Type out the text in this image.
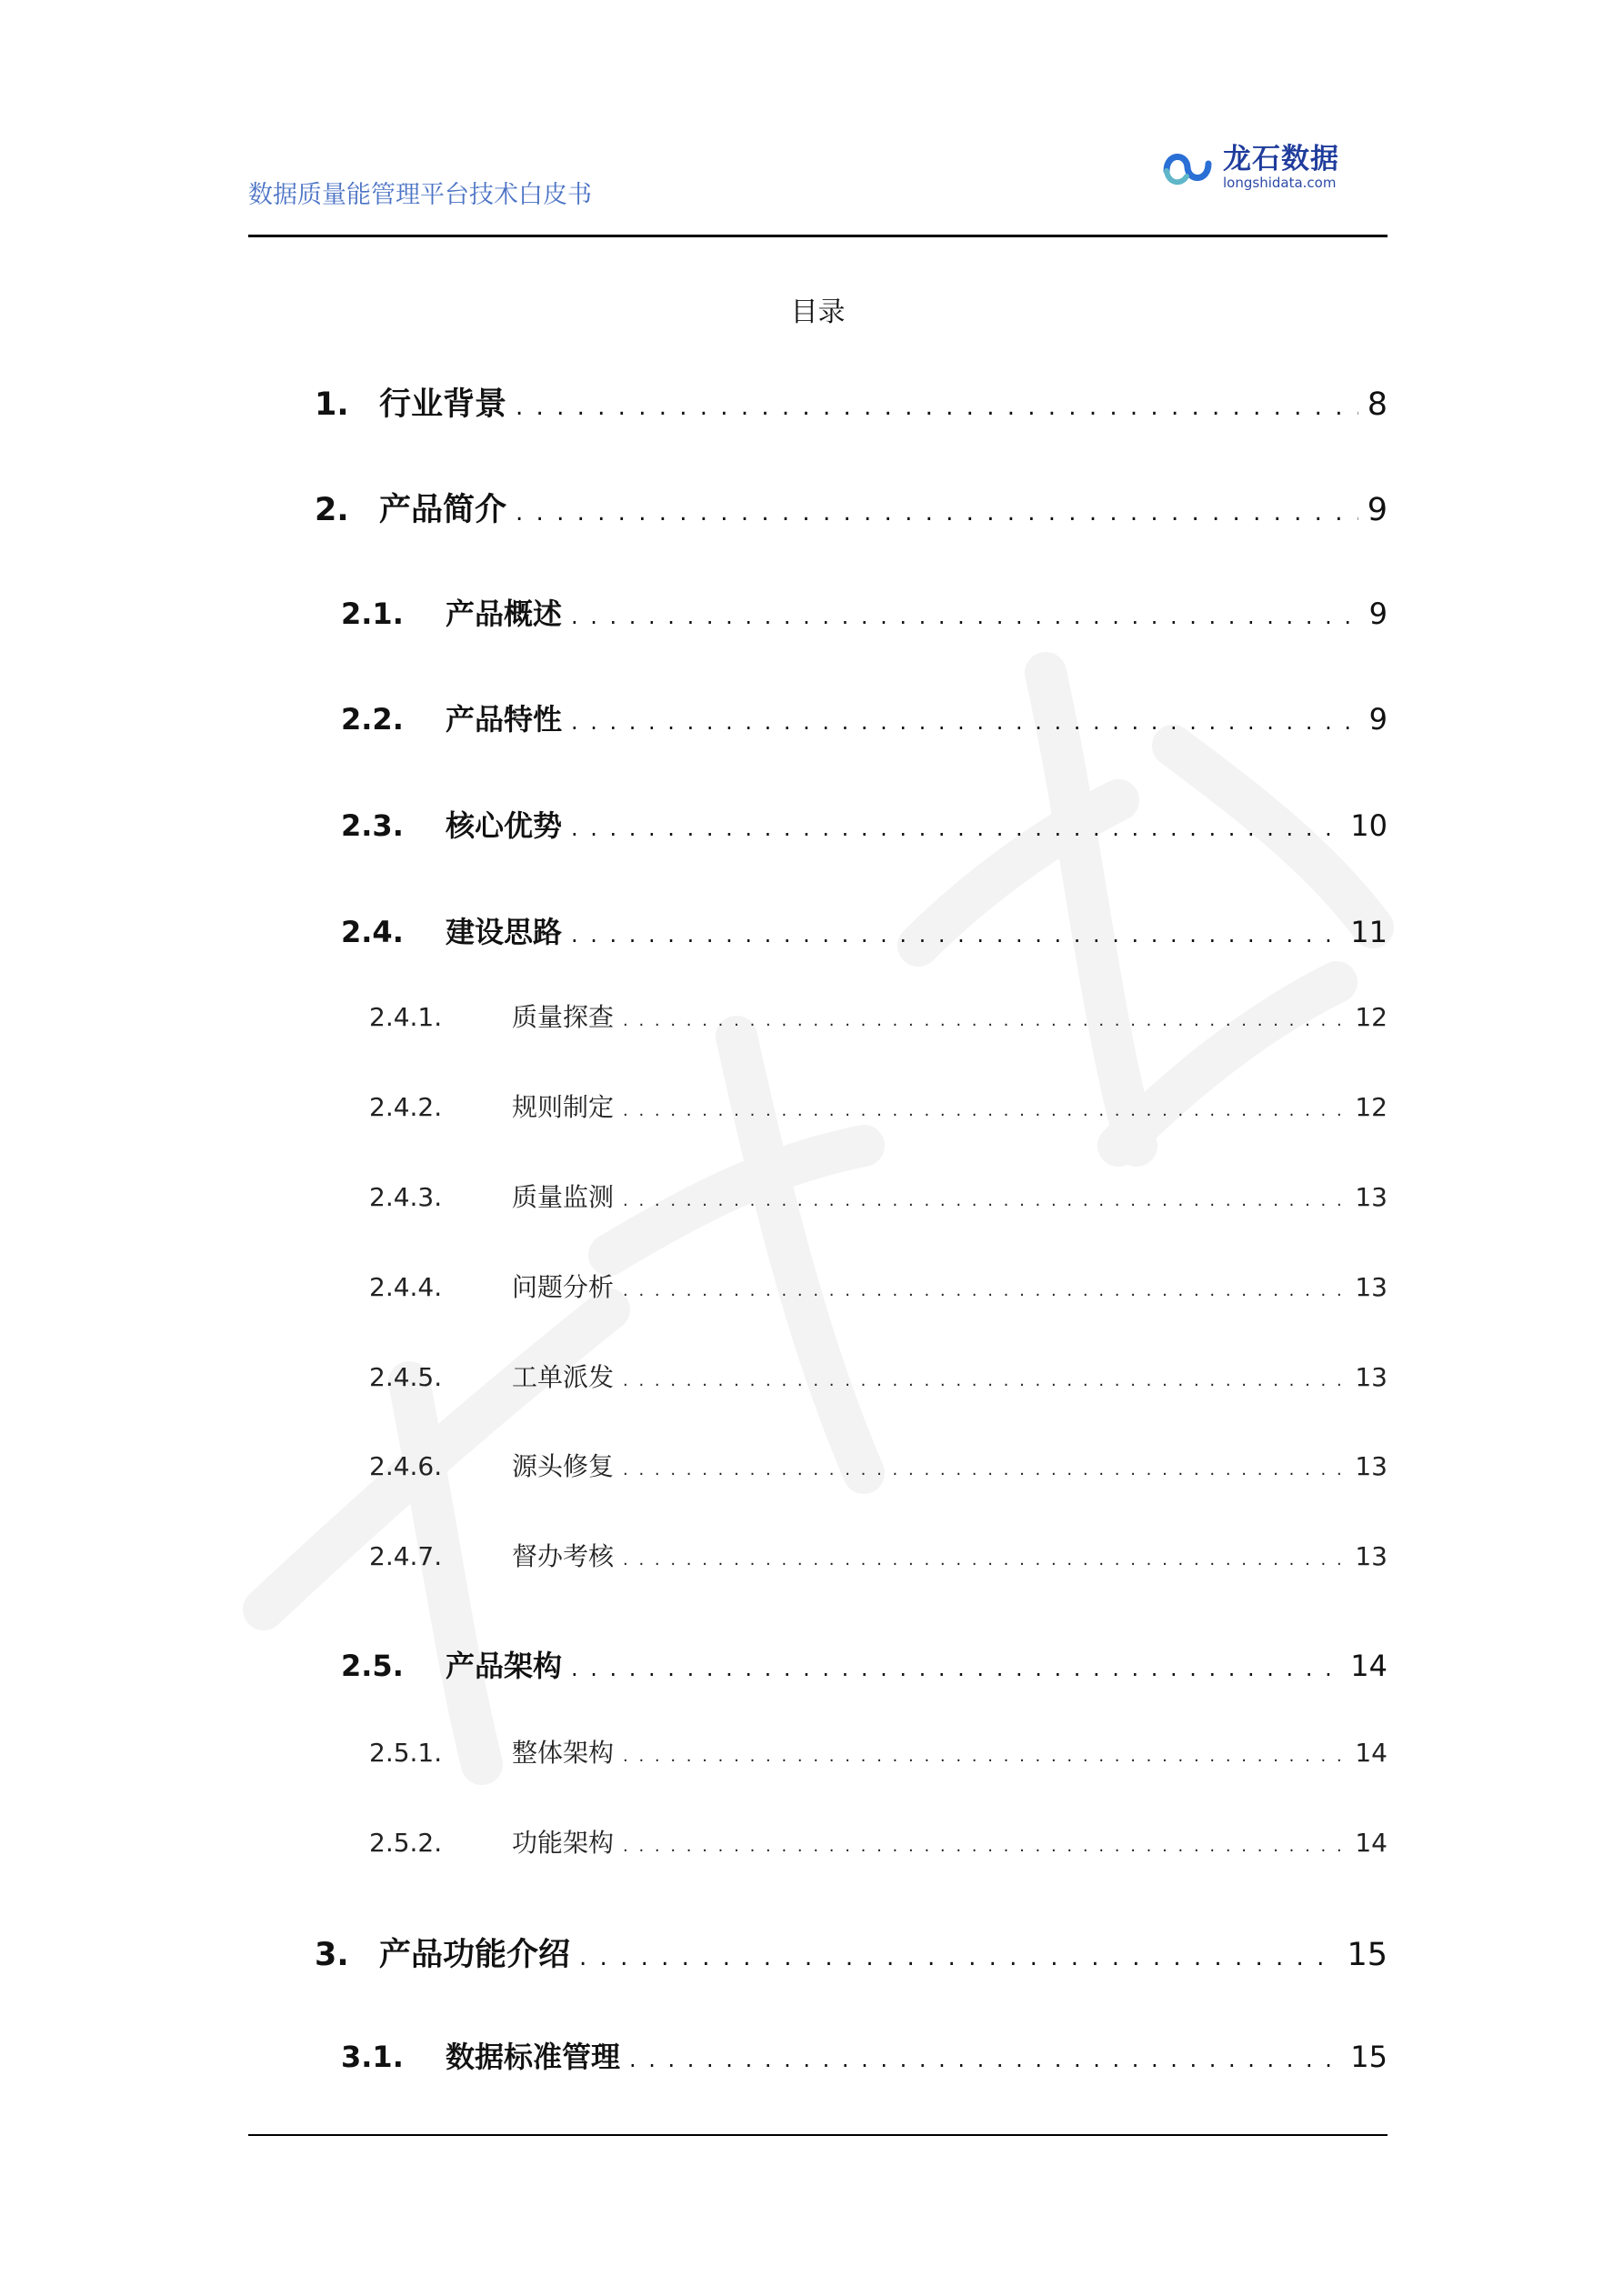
数据质量能管理平台技术白皮书
龙石数据
longshidata.com
目录
1. 行业背景 . . .	8
2. 产品简介 . . .	9
2.1.	产品概述 . . .	9
2.2.	产品特性 . . .	9
2.3.	核心优势 . . .	10
2.4.	建设思路 . . .	11
2.4.1.	质量探查 . . .	12
2.4.2.	规则制定 . . .	12
2.4.3.	质量监测 . . .	13
2.4.4.	问题分析 . . .	13
2.4.5.	工单派发 . . .	13
2.4.6.	源头修复 . . .	13
2.4.7.	督办考核 . . .	13
2.5.	产品架构 . . .	14
2.5.1.	整体架构 . . .	14
2.5.2.	功能架构 . . .	14
3. 产品功能介绍 . . .	15
3.1.	数据标准管理 . . .	15
